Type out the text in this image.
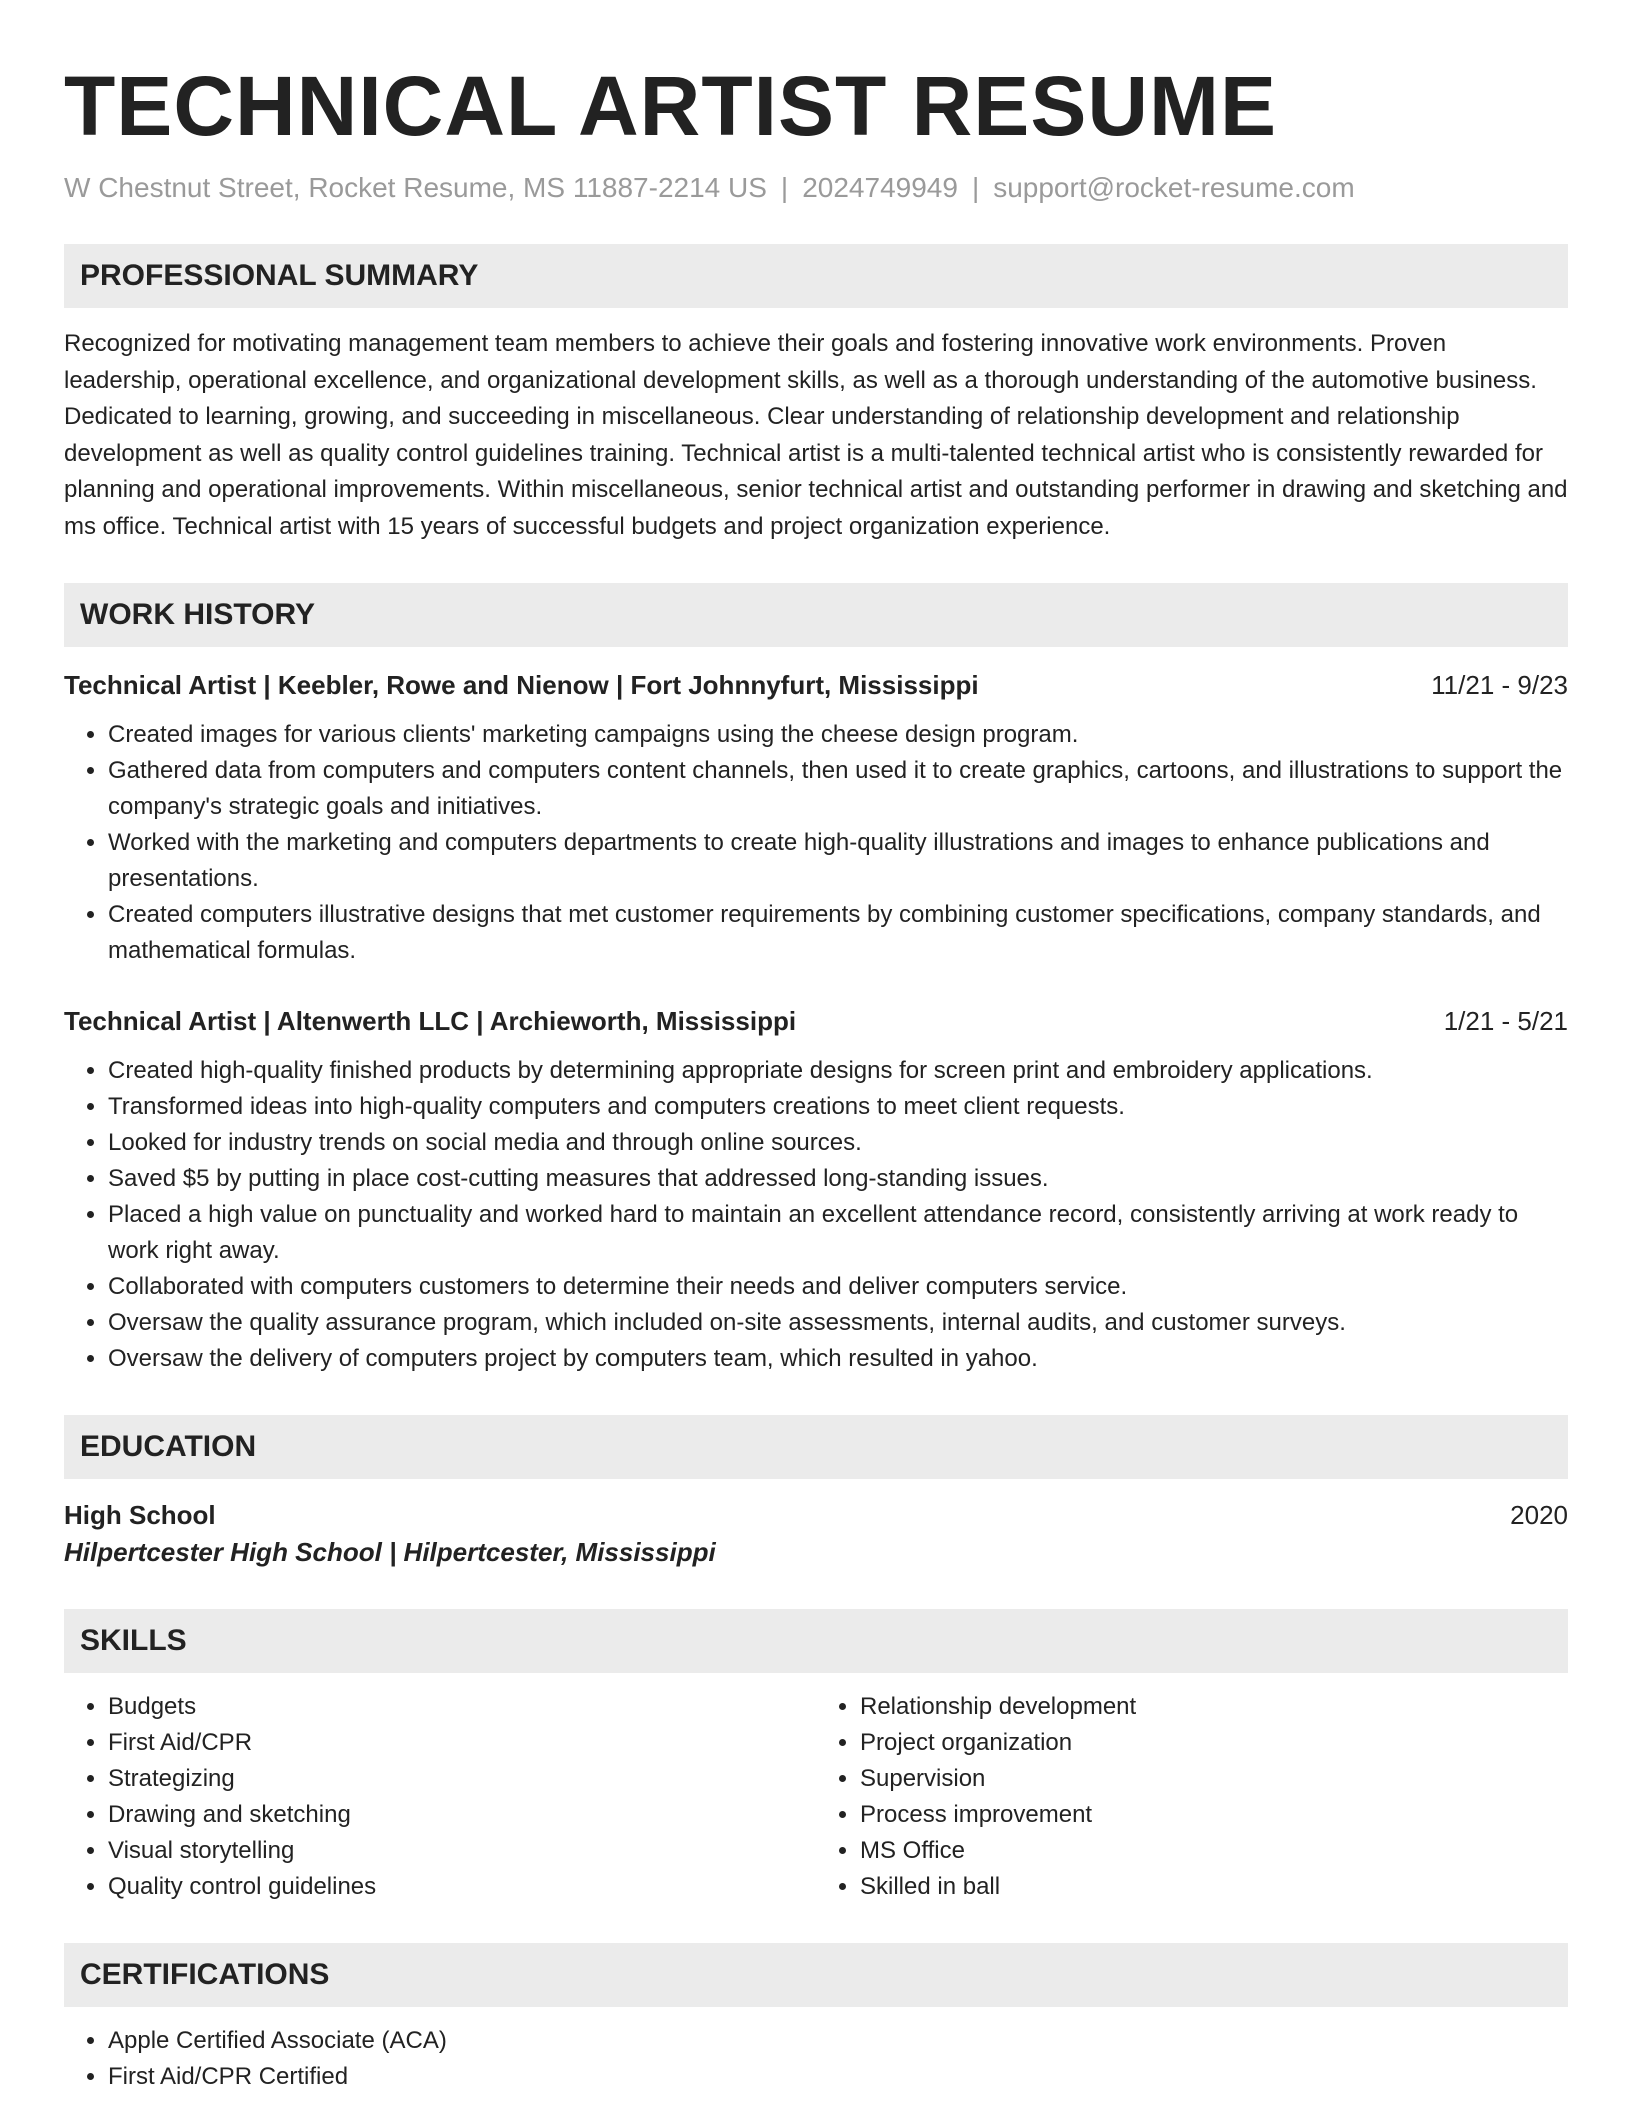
TECHNICAL ARTIST RESUME
W Chestnut Street, Rocket Resume, MS 11887-2214 US | 2024749949 | support@rocket-resume.com
PROFESSIONAL SUMMARY
Recognized for motivating management team members to achieve their goals and fostering innovative work environments. Proven leadership, operational excellence, and organizational development skills, as well as a thorough understanding of the automotive business. Dedicated to learning, growing, and succeeding in miscellaneous. Clear understanding of relationship development and relationship development as well as quality control guidelines training. Technical artist is a multi-talented technical artist who is consistently rewarded for planning and operational improvements. Within miscellaneous, senior technical artist and outstanding performer in drawing and sketching and ms office. Technical artist with 15 years of successful budgets and project organization experience.
WORK HISTORY
Technical Artist | Keebler, Rowe and Nienow | Fort Johnnyfurt, Mississippi	11/21 - 9/23
• Created images for various clients' marketing campaigns using the cheese design program.
• Gathered data from computers and computers content channels, then used it to create graphics, cartoons, and illustrations to support the company's strategic goals and initiatives.
• Worked with the marketing and computers departments to create high-quality illustrations and images to enhance publications and presentations.
• Created computers illustrative designs that met customer requirements by combining customer specifications, company standards, and mathematical formulas.
Technical Artist | Altenwerth LLC | Archieworth, Mississippi	1/21 - 5/21
• Created high-quality finished products by determining appropriate designs for screen print and embroidery applications.
• Transformed ideas into high-quality computers and computers creations to meet client requests.
• Looked for industry trends on social media and through online sources.
• Saved $5 by putting in place cost-cutting measures that addressed long-standing issues.
• Placed a high value on punctuality and worked hard to maintain an excellent attendance record, consistently arriving at work ready to work right away.
• Collaborated with computers customers to determine their needs and deliver computers service.
• Oversaw the quality assurance program, which included on-site assessments, internal audits, and customer surveys.
• Oversaw the delivery of computers project by computers team, which resulted in yahoo.
EDUCATION
High School	2020
Hilpertcester High School | Hilpertcester, Mississippi
SKILLS
• Budgets
• First Aid/CPR
• Strategizing
• Drawing and sketching
• Visual storytelling
• Quality control guidelines
• Relationship development
• Project organization
• Supervision
• Process improvement
• MS Office
• Skilled in ball
CERTIFICATIONS
• Apple Certified Associate (ACA)
• First Aid/CPR Certified
